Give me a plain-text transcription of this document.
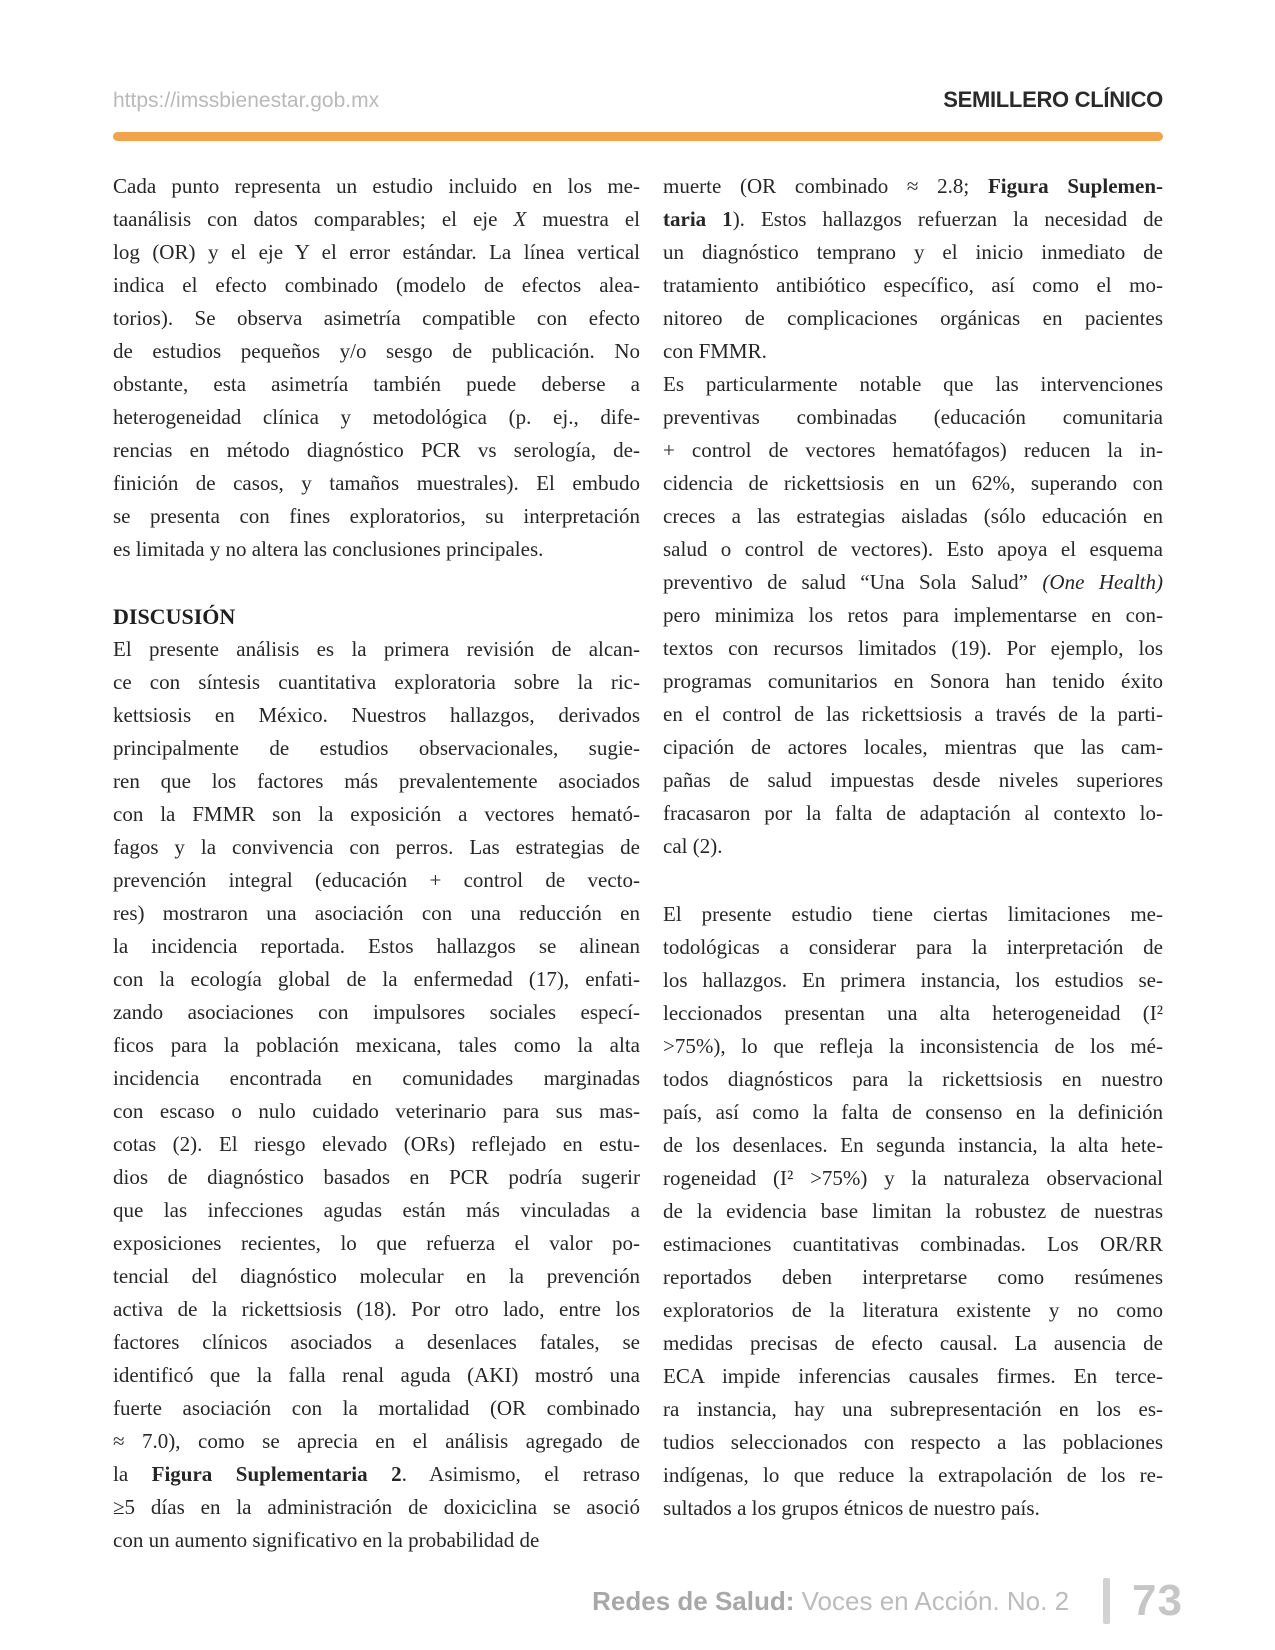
https://imssbienestar.gob.mx	SEMILLERO CLÍNICO
Cada punto representa un estudio incluido en los me-
taanálisis con datos comparables; el eje X muestra el
log (OR) y el eje Y el error estándar. La línea vertical
indica el efecto combinado (modelo de efectos alea-
torios). Se observa asimetría compatible con efecto
de estudios pequeños y/o sesgo de publicación. No
obstante, esta asimetría también puede deberse a
heterogeneidad clínica y metodológica (p. ej., dife-
rencias en método diagnóstico PCR vs serología, de-
finición de casos, y tamaños muestrales). El embudo
se presenta con fines exploratorios, su interpretación
es limitada y no altera las conclusiones principales.
DISCUSIÓN
El presente análisis es la primera revisión de alcan-
ce con síntesis cuantitativa exploratoria sobre la ric-
kettsiosis en México. Nuestros hallazgos, derivados
principalmente de estudios observacionales, sugie-
ren que los factores más prevalentemente asociados
con la FMMR son la exposición a vectores hemató-
fagos y la convivencia con perros. Las estrategias de
prevención integral (educación + control de vecto-
res) mostraron una asociación con una reducción en
la incidencia reportada. Estos hallazgos se alinean
con la ecología global de la enfermedad (17), enfati-
zando asociaciones con impulsores sociales especí-
ficos para la población mexicana, tales como la alta
incidencia encontrada en comunidades marginadas
con escaso o nulo cuidado veterinario para sus mas-
cotas (2). El riesgo elevado (ORs) reflejado en estu-
dios de diagnóstico basados en PCR podría sugerir
que las infecciones agudas están más vinculadas a
exposiciones recientes, lo que refuerza el valor po-
tencial del diagnóstico molecular en la prevención
activa de la rickettsiosis (18). Por otro lado, entre los
factores clínicos asociados a desenlaces fatales, se
identificó que la falla renal aguda (AKI) mostró una
fuerte asociación con la mortalidad (OR combinado
≈ 7.0), como se aprecia en el análisis agregado de
la Figura Suplementaria 2. Asimismo, el retraso
≥5 días en la administración de doxiciclina se asoció
con un aumento significativo en la probabilidad de
muerte (OR combinado ≈ 2.8; Figura Suplemen-
taria 1). Estos hallazgos refuerzan la necesidad de
un diagnóstico temprano y el inicio inmediato de
tratamiento antibiótico específico, así como el mo-
nitoreo de complicaciones orgánicas en pacientes
con FMMR.
Es particularmente notable que las intervenciones
preventivas combinadas (educación comunitaria
+ control de vectores hematófagos) reducen la in-
cidencia de rickettsiosis en un 62%, superando con
creces a las estrategias aisladas (sólo educación en
salud o control de vectores). Esto apoya el esquema
preventivo de salud “Una Sola Salud” (One Health)
pero minimiza los retos para implementarse en con-
textos con recursos limitados (19). Por ejemplo, los
programas comunitarios en Sonora han tenido éxito
en el control de las rickettsiosis a través de la parti-
cipación de actores locales, mientras que las cam-
pañas de salud impuestas desde niveles superiores
fracasaron por la falta de adaptación al contexto lo-
cal (2).
El presente estudio tiene ciertas limitaciones me-
todológicas a considerar para la interpretación de
los hallazgos. En primera instancia, los estudios se-
leccionados presentan una alta heterogeneidad (I²
>75%), lo que refleja la inconsistencia de los mé-
todos diagnósticos para la rickettsiosis en nuestro
país, así como la falta de consenso en la definición
de los desenlaces. En segunda instancia, la alta hete-
rogeneidad (I² >75%) y la naturaleza observacional
de la evidencia base limitan la robustez de nuestras
estimaciones cuantitativas combinadas. Los OR/RR
reportados deben interpretarse como resúmenes
exploratorios de la literatura existente y no como
medidas precisas de efecto causal. La ausencia de
ECA impide inferencias causales firmes. En terce-
ra instancia, hay una subrepresentación en los es-
tudios seleccionados con respecto a las poblaciones
indígenas, lo que reduce la extrapolación de los re-
sultados a los grupos étnicos de nuestro país.
Redes de Salud: Voces en Acción. No. 2 73
